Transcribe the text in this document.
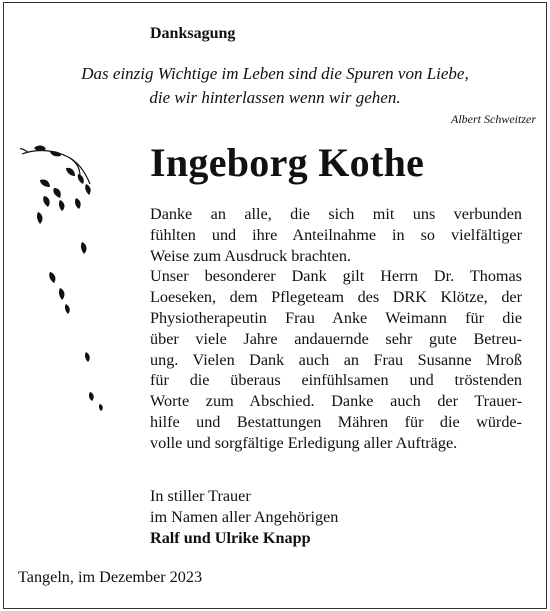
Danksagung
Das einzig Wichtige im Leben sind die Spuren von Liebe,
die wir hinterlassen wenn wir gehen.
Albert Schweitzer
Ingeborg Kothe
Danke an alle, die sich mit uns verbunden
fühlten und ihre Anteilnahme in so vielfältiger
Weise zum Ausdruck brachten.
Unser besonderer Dank gilt Herrn Dr. Thomas
Loeseken, dem Pflegeteam des DRK Klötze, der
Physiotherapeutin Frau Anke Weimann für die
über viele Jahre andauernde sehr gute Betreu-
ung. Vielen Dank auch an Frau Susanne Mroß
für die überaus einfühlsamen und tröstenden
Worte zum Abschied. Danke auch der Trauer-
hilfe und Bestattungen Mähren für die würde-
volle und sorgfältige Erledigung aller Aufträge.
In stiller Trauer
im Namen aller Angehörigen
Ralf und Ulrike Knapp
Tangeln, im Dezember 2023
